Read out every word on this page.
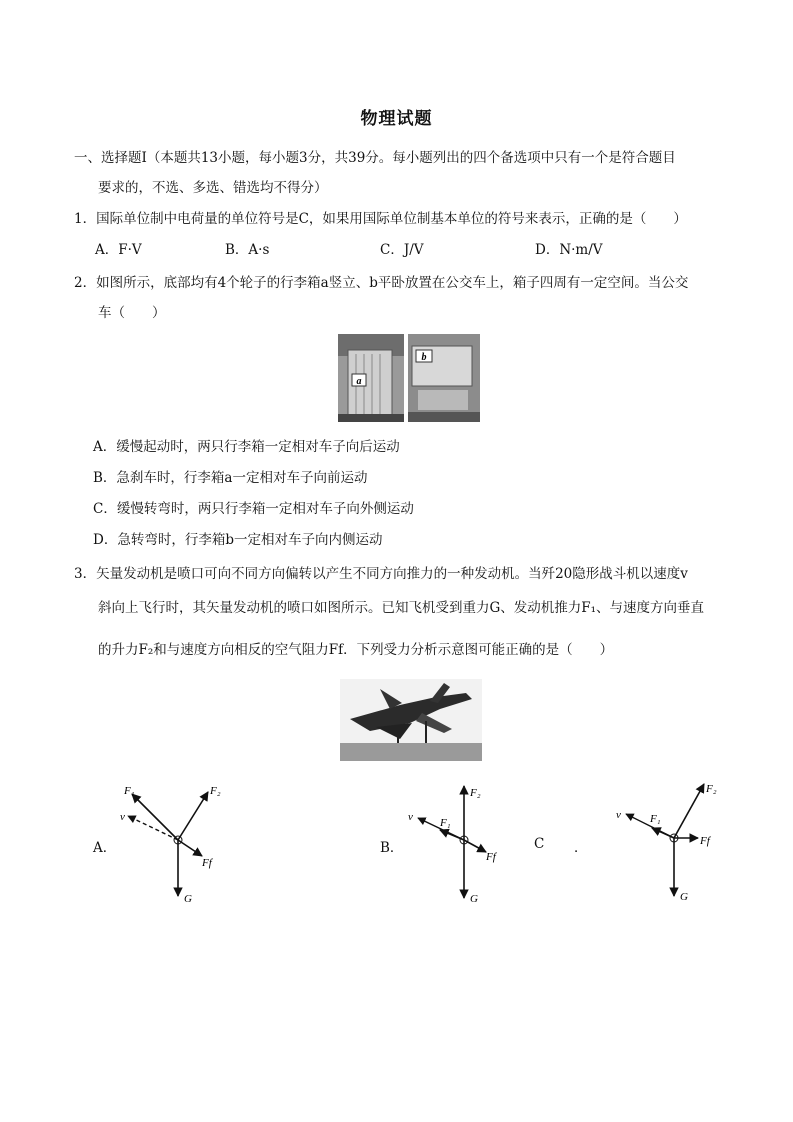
物理试题
一、选择题Ⅰ（本题共13小题，每小题3分，共39分。每小题列出的四个备选项中只有一个是符合题目
要求的，不选、多选、错选均不得分）
1．国际单位制中电荷量的单位符号是C，如果用国际单位制基本单位的符号来表示，正确的是（　　）
A．F·V	B．A·s	C．J/V	D．N·m/V
2．如图所示，底部均有4个轮子的行李箱a竖立、b平卧放置在公交车上，箱子四周有一定空间。当公交
车（　　）
a
b
A．缓慢起动时，两只行李箱一定相对车子向后运动
B．急刹车时，行李箱a一定相对车子向前运动
C．缓慢转弯时，两只行李箱一定相对车子向外侧运动
D．急转弯时，行李箱b一定相对车子向内侧运动
3．矢量发动机是喷口可向不同方向偏转以产生不同方向推力的一种发动机。当歼20隐形战斗机以速度v
斜向上飞行时，其矢量发动机的喷口如图所示。已知飞机受到重力G、发动机推力F₁、与速度方向垂直
的升力F₂和与速度方向相反的空气阻力Ff．下列受力分析示意图可能正确的是（　　）
A．	B．	C ．
F₁	F₂
v
Ff
G
F₂
v F₁
Ff
G
F₂
v	F₁
Ff
G
